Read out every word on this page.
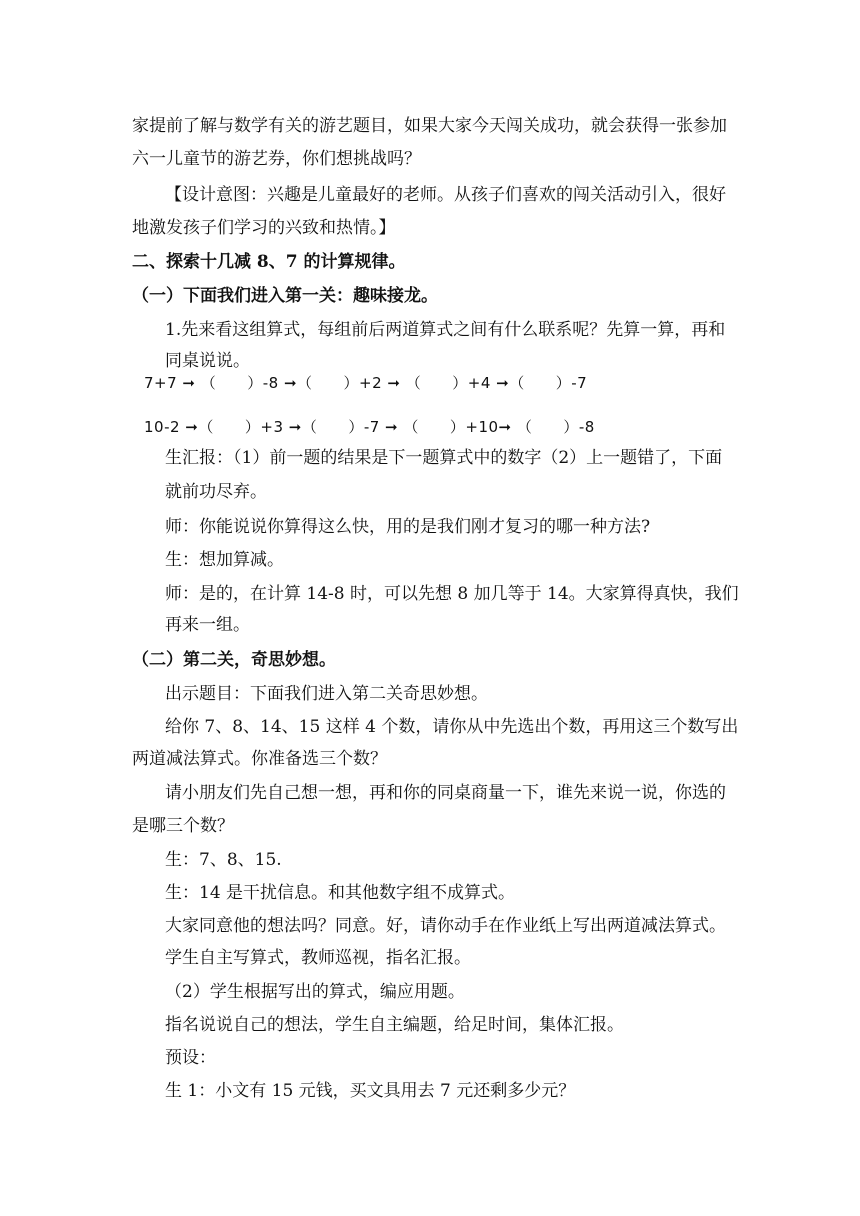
家提前了解与数学有关的游艺题目，如果大家今天闯关成功，就会获得一张参加
六一儿童节的游艺券，你们想挑战吗？
【设计意图：兴趣是儿童最好的老师。从孩子们喜欢的闯关活动引入，很好
地激发孩子们学习的兴致和热情。】
二、探索十几减 8、7 的计算规律。
（一）下面我们进入第一关：趣味接龙。
1.先来看这组算式，每组前后两道算式之间有什么联系呢？先算一算，再和
同桌说说。
7+7 ➞ （　　）-8 ➞（　　）+2 ➞ （　　）+4 ➞（　　）-7
10-2 ➞（　　）+3 ➞（　　）-7 ➞ （　　）+10➞ （　　）-8
生汇报：（1）前一题的结果是下一题算式中的数字（2）上一题错了，下面
就前功尽弃。
师：你能说说你算得这么快，用的是我们刚才复习的哪一种方法?
生：想加算减。
师：是的，在计算 14-8 时，可以先想 8 加几等于 14。大家算得真快，我们
再来一组。
（二）第二关，奇思妙想。
出示题目：下面我们进入第二关奇思妙想。
给你 7、8、14、15 这样 4 个数，请你从中先选出个数，再用这三个数写出
两道减法算式。你准备选三个数？
请小朋友们先自己想一想，再和你的同桌商量一下，谁先来说一说，你选的
是哪三个数？
生：7、8、15.
生：14 是干扰信息。和其他数字组不成算式。
大家同意他的想法吗？同意。好，请你动手在作业纸上写出两道减法算式。
学生自主写算式，教师巡视，指名汇报。
（2）学生根据写出的算式，编应用题。
指名说说自己的想法，学生自主编题，给足时间，集体汇报。
预设：
生 1：小文有 15 元钱，买文具用去 7 元还剩多少元？
